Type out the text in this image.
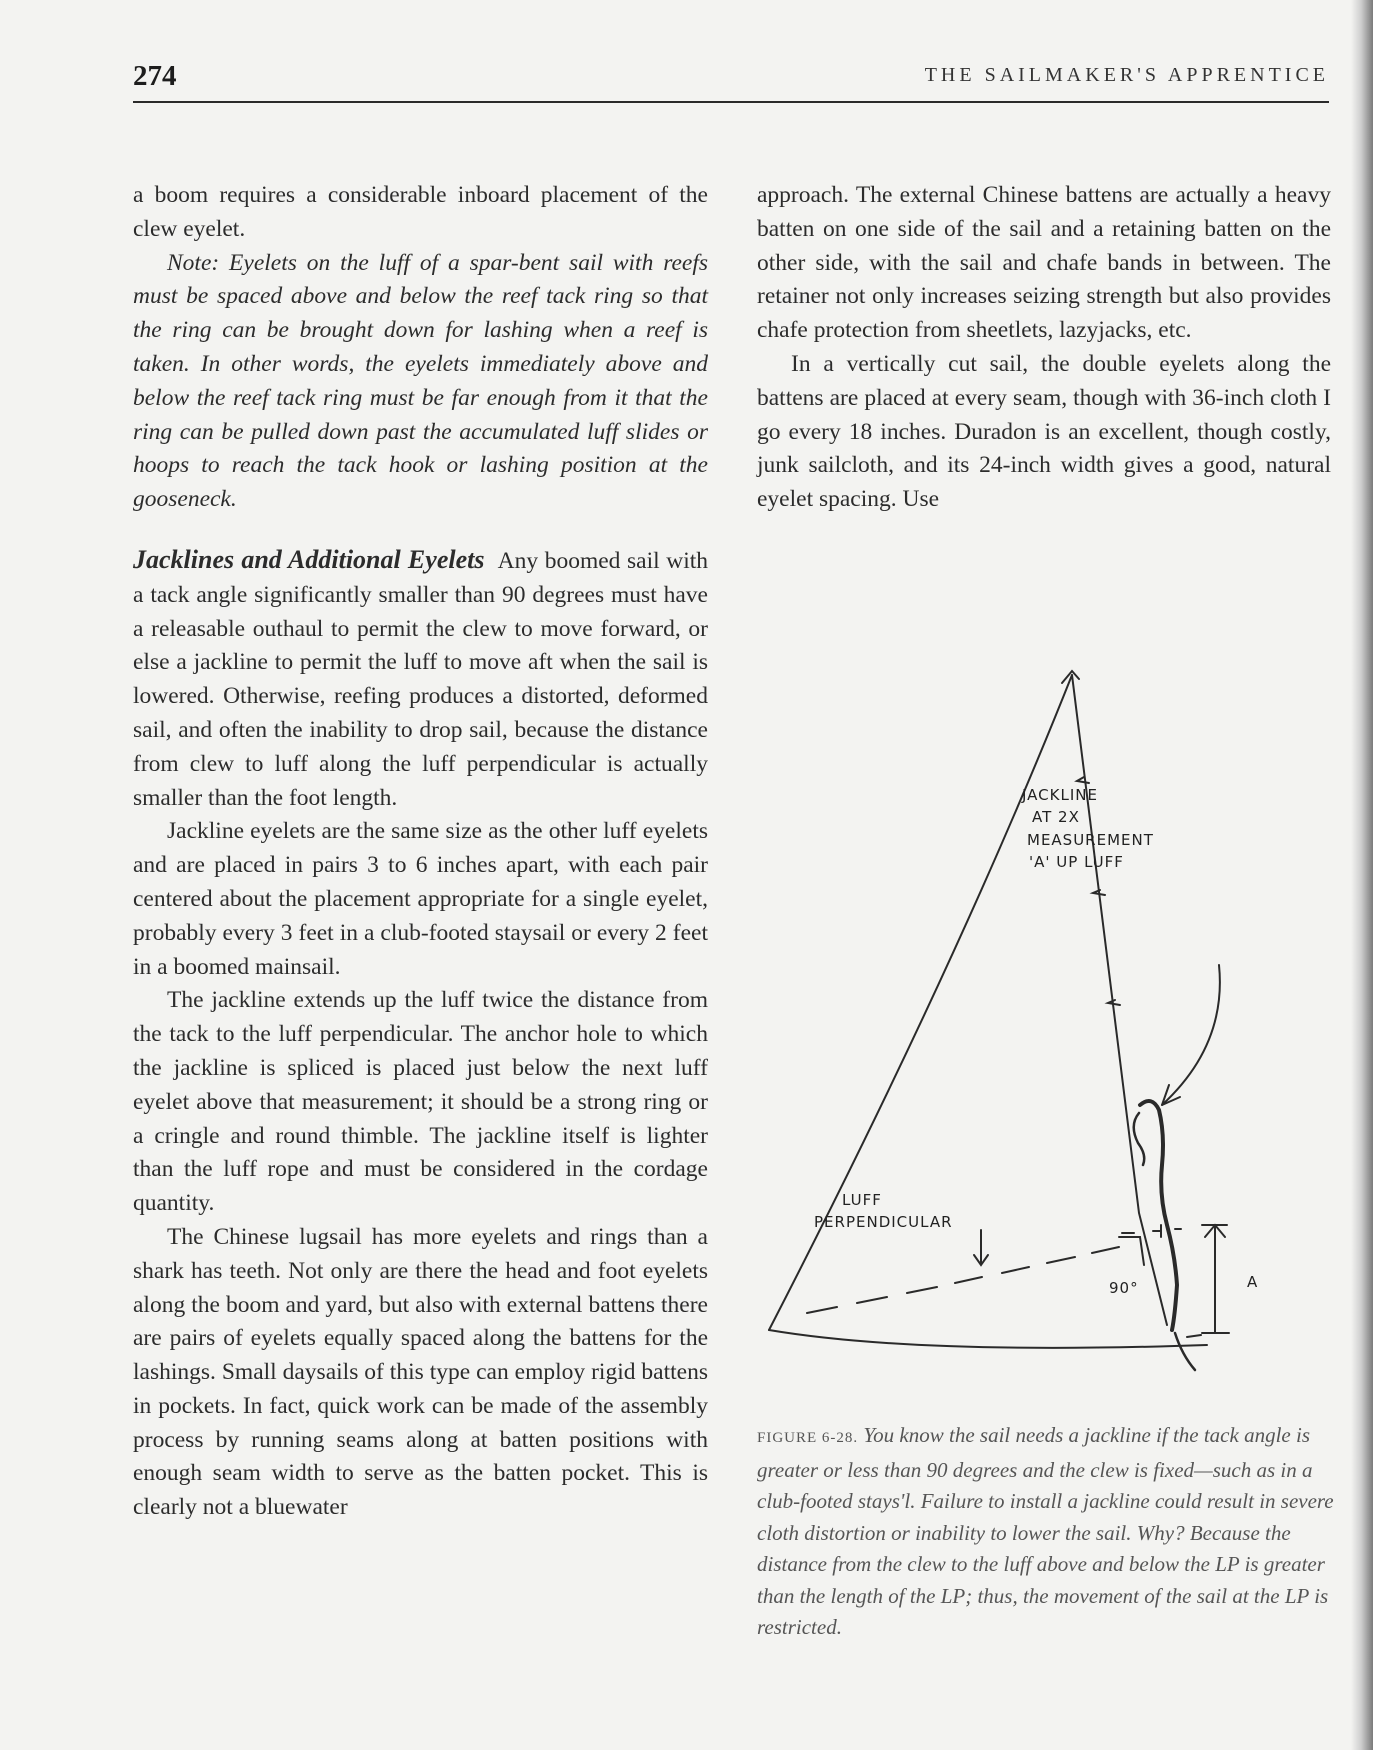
274	THE SAILMAKER'S APPRENTICE

a boom requires a considerable inboard placement of the clew eyelet.

Note: Eyelets on the luff of a spar-bent sail with reefs must be spaced above and below the reef tack ring so that the ring can be brought down for lashing when a reef is taken. In other words, the eyelets immediately above and below the reef tack ring must be far enough from it that the ring can be pulled down past the accumulated luff slides or hoops to reach the tack hook or lashing position at the gooseneck.

Jacklines and Additional Eyelets Any boomed sail with a tack angle significantly smaller than 90 degrees must have a releasable outhaul to permit the clew to move forward, or else a jackline to permit the luff to move aft when the sail is lowered. Otherwise, reefing produces a distorted, deformed sail, and often the inability to drop sail, because the distance from clew to luff along the luff perpendicular is actually smaller than the foot length.

Jackline eyelets are the same size as the other luff eyelets and are placed in pairs 3 to 6 inches apart, with each pair centered about the placement appropriate for a single eyelet, probably every 3 feet in a club-footed staysail or every 2 feet in a boomed mainsail.

The jackline extends up the luff twice the distance from the tack to the luff perpendicular. The anchor hole to which the jackline is spliced is placed just below the next luff eyelet above that measurement; it should be a strong ring or a cringle and round thimble. The jackline itself is lighter than the luff rope and must be considered in the cordage quantity.

The Chinese lugsail has more eyelets and rings than a shark has teeth. Not only are there the head and foot eyelets along the boom and yard, but also with external battens there are pairs of eyelets equally spaced along the battens for the lashings. Small daysails of this type can employ rigid battens in pockets. In fact, quick work can be made of the assembly process by running seams along at batten positions with enough seam width to serve as the batten pocket. This is clearly not a bluewater

approach. The external Chinese battens are actually a heavy batten on one side of the sail and a retaining batten on the other side, with the sail and chafe bands in between. The retainer not only increases seizing strength but also provides chafe protection from sheetlets, lazyjacks, etc.

In a vertically cut sail, the double eyelets along the battens are placed at every seam, though with 36-inch cloth I go every 18 inches. Duradon is an excellent, though costly, junk sailcloth, and its 24-inch width gives a good, natural eyelet spacing. Use

JACKLINE
AT 2X
MEASUREMENT
'A' UP LUFF
LUFF
PERPENDICULAR
90°	A
FIGURE 6-28. You know the sail needs a jackline if the tack angle is greater or less than 90 degrees and the clew is fixed—such as in a club-footed stays'l. Failure to install a jackline could result in severe cloth distortion or inability to lower the sail. Why? Because the distance from the clew to the luff above and below the LP is greater than the length of the LP; thus, the movement of the sail at the LP is restricted.
